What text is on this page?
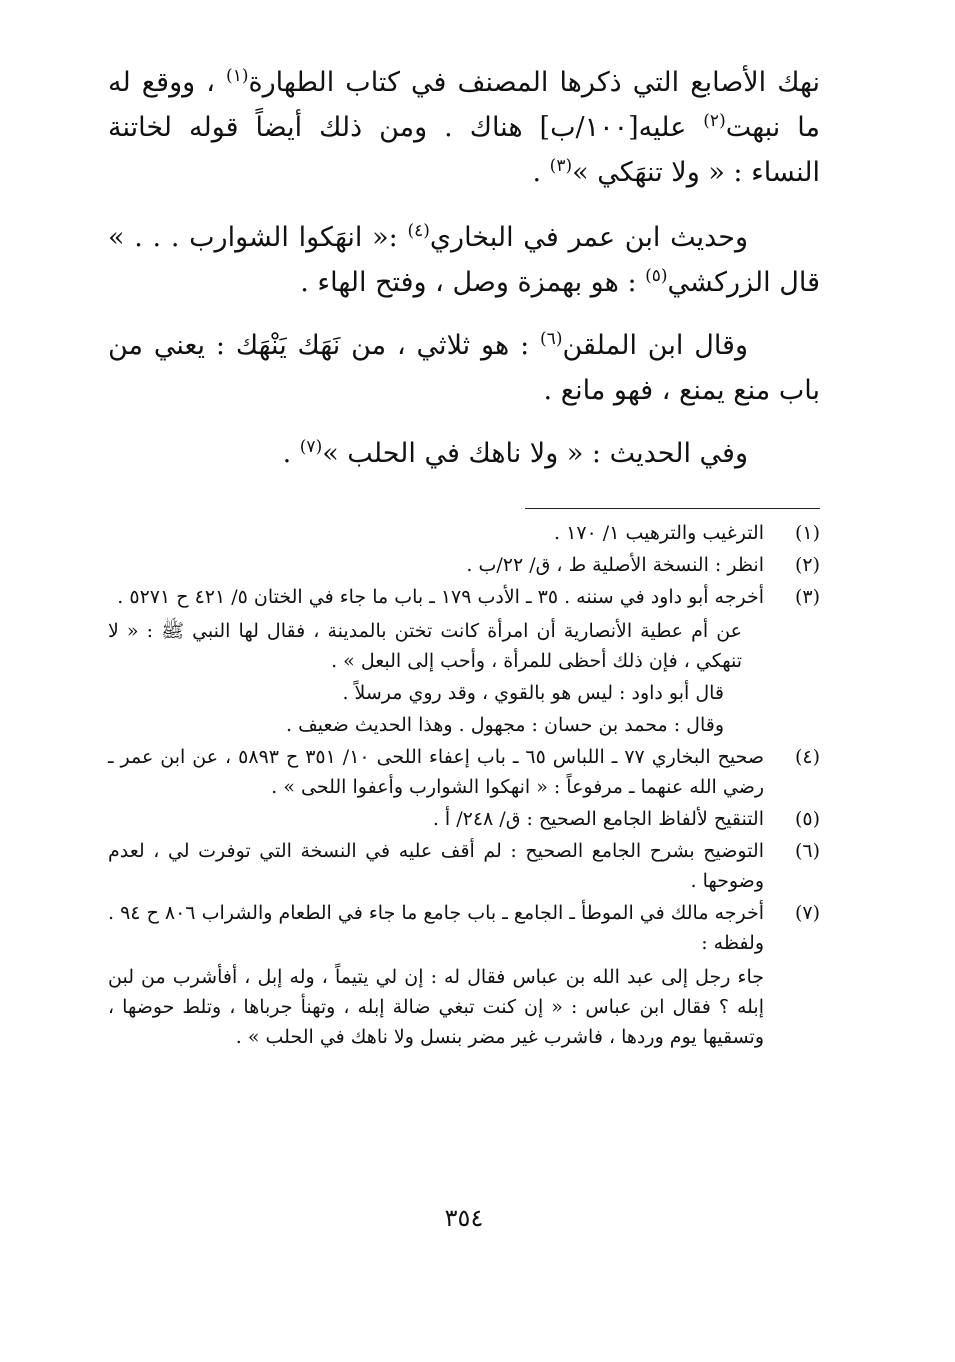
نهك الأصابع التي ذكرها المصنف في كتاب الطهارة$^{(١)}$ ، ووقع له ما نبهت$^{(٢)}$ عليه[١٠٠/ب] هناك . ومن ذلك أيضاً قوله لخاتنة النساء : « ولا تنهَكي »$^{(٣)}$ .

وحديث ابن عمر في البخاري$^{(٤)}$ :« انهَكوا الشوارب . . . » قال الزركشي$^{(٥)}$ : هو بهمزة وصل ، وفتح الهاء .

وقال ابن الملقن$^{(٦)}$ : هو ثلاثي ، من نَهَك يَنْهَك : يعني من باب منع يمنع ، فهو مانع .

وفي الحديث : « ولا ناهك في الحلب »$^{(٧)}$ .

(١)
الترغيب والترهيب ١/ ١٧٠ .
(٢)
انظر : النسخة الأصلية ط ، ق/ ٢٢/ب .
(٣)
أخرجه أبو داود في سننه . ٣٥ ـ الأدب ١٧٩ ـ باب ما جاء في الختان ٥/ ٤٢١ ح ٥٢٧١ .

عن أم عطية الأنصارية أن امرأة كانت تختن بالمدينة ، فقال لها النبي ﷺ : « لا تنهكي ، فإن ذلك أحظى للمرأة ، وأحب إلى البعل » .

قال أبو داود : ليس هو بالقوي ، وقد روي مرسلاً .

وقال : محمد بن حسان : مجهول . وهذا الحديث ضعيف .

(٤)
صحيح البخاري ٧٧ ـ اللباس ٦٥ ـ باب إعفاء اللحى ١٠/ ٣٥١ ح ٥٨٩٣ ، عن ابن عمر ـ رضي الله عنهما ـ مرفوعاً : « انهكوا الشوارب وأعفوا اللحى » .
(٥)
التنقيح لألفاظ الجامع الصحيح : ق/ ٢٤٨/ أ .
(٦)
التوضيح بشرح الجامع الصحيح : لم أقف عليه في النسخة التي توفرت لي ، لعدم وضوحها .
(٧)
أخرجه مالك في الموطأ ـ الجامع ـ باب جامع ما جاء في الطعام والشراب ٨٠٦ ح ٩٤ . ولفظه :

جاء رجل إلى عبد الله بن عباس فقال له : إن لي يتيماً ، وله إبل ، أفأشرب من لبن إبله ؟ فقال ابن عباس : « إن كنت تبغي ضالة إبله ، وتهنأ جرباها ، وتلط حوضها ، وتسقيها يوم وردها ، فاشرب غير مضر بنسل ولا ناهك في الحلب » .

٣٥٤
